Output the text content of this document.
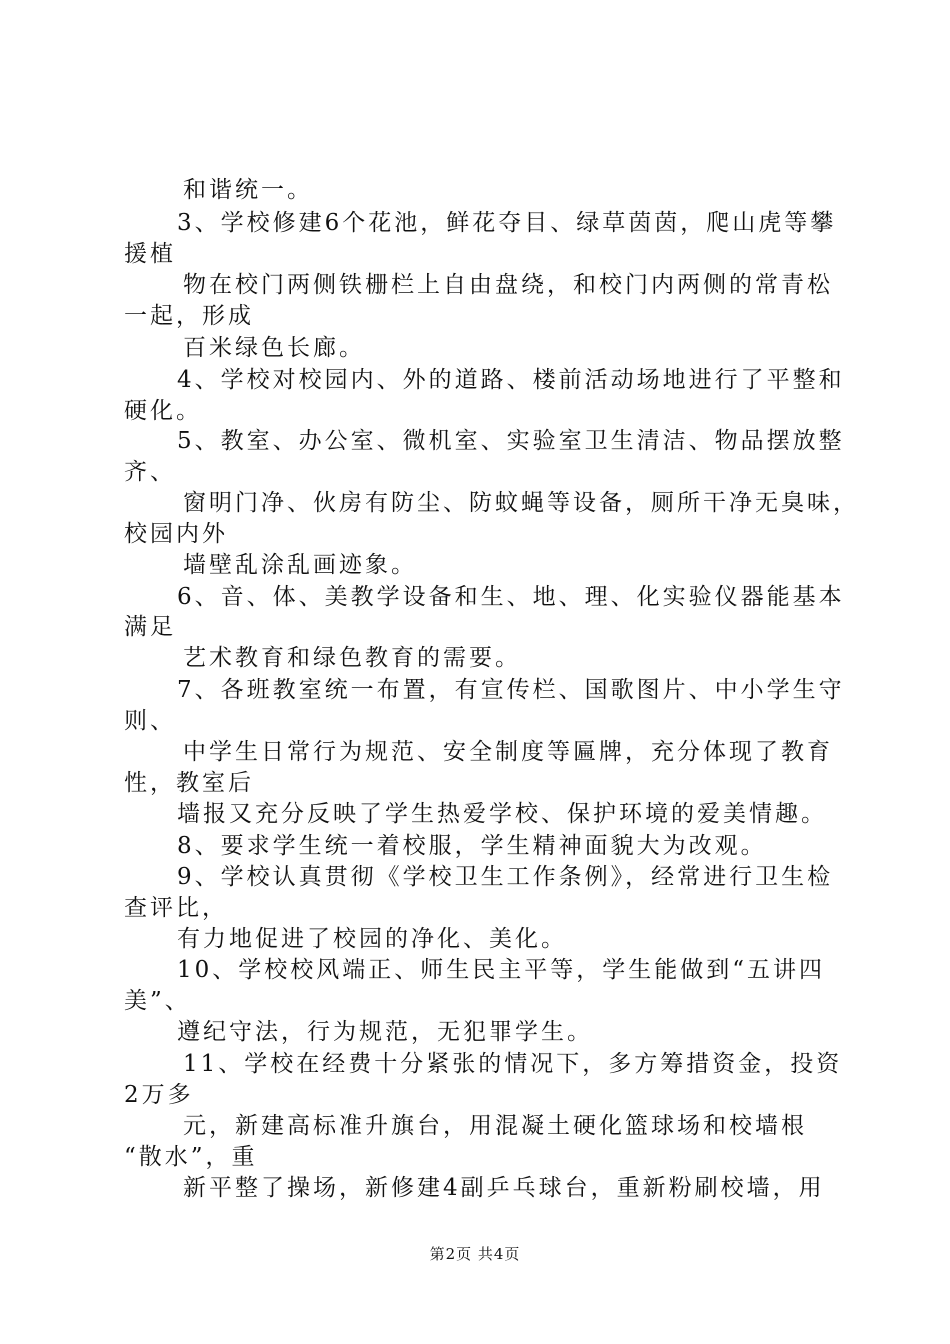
和谐统一。
3、学校修建6个花池，鲜花夺目、绿草茵茵，爬山虎等攀
援植
物在校门两侧铁栅栏上自由盘绕，和校门内两侧的常青松
一起，形成
百米绿色长廊。
4、学校对校园内、外的道路、楼前活动场地进行了平整和
硬化。
5、教室、办公室、微机室、实验室卫生清洁、物品摆放整
齐、
窗明门净、伙房有防尘、防蚊蝇等设备，厕所干净无臭味，
校园内外
墙壁乱涂乱画迹象。
6、音、体、美教学设备和生、地、理、化实验仪器能基本
满足
艺术教育和绿色教育的需要。
7、各班教室统一布置，有宣传栏、国歌图片、中小学生守
则、
中学生日常行为规范、安全制度等匾牌，充分体现了教育
性，教室后
墙报又充分反映了学生热爱学校、保护环境的爱美情趣。
8、要求学生统一着校服，学生精神面貌大为改观。
9、学校认真贯彻《学校卫生工作条例》，经常进行卫生检
查评比，
有力地促进了校园的净化、美化。
10、学校校风端正、师生民主平等，学生能做到“五讲四
美”、
遵纪守法，行为规范，无犯罪学生。
11、学校在经费十分紧张的情况下，多方筹措资金，投资
2万多
元，新建高标准升旗台，用混凝土硬化篮球场和校墙根
“散水”，重
新平整了操场，新修建4副乒乓球台，重新粉刷校墙，用
第2页 共4页
